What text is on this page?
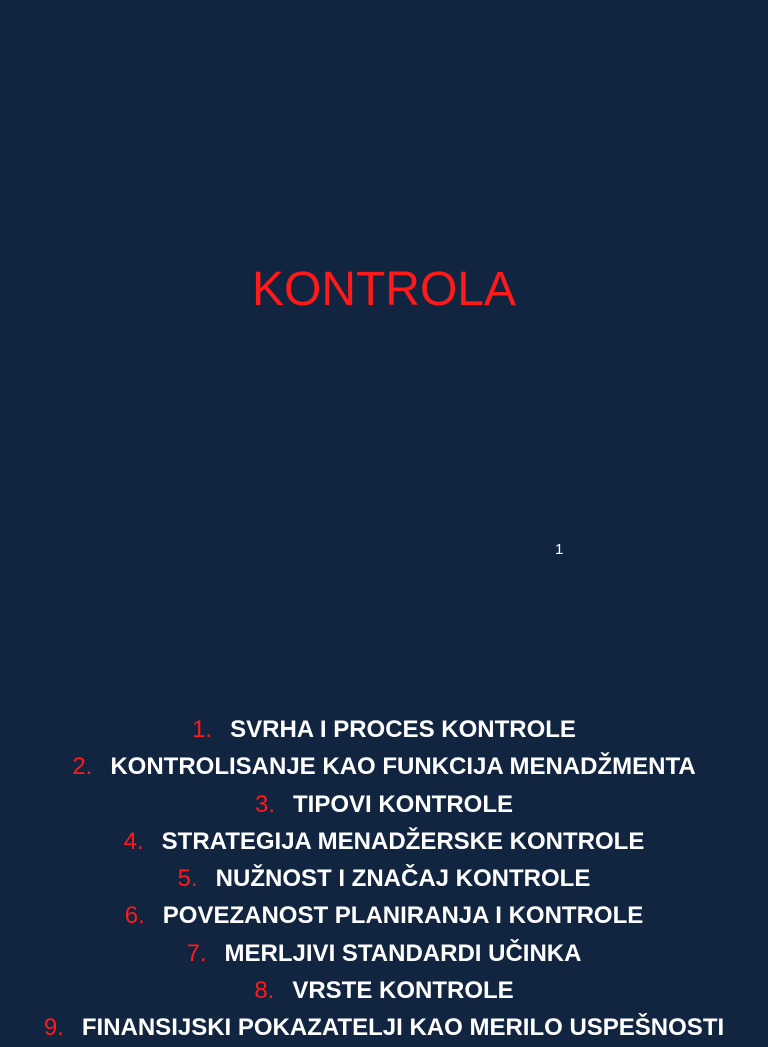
KONTROLA
1
1. SVRHA I PROCES KONTROLE
2. KONTROLISANJE KAO FUNKCIJA MENADŽMENTA
3. TIPOVI KONTROLE
4. STRATEGIJA MENADŽERSKE KONTROLE
5. NUŽNOST I ZNAČAJ KONTROLE
6. POVEZANOST PLANIRANJA I KONTROLE
7. MERLJIVI STANDARDI UČINKA
8. VRSTE KONTROLE
9. FINANSIJSKI POKAZATELJI KAO MERILO USPEŠNOSTI
